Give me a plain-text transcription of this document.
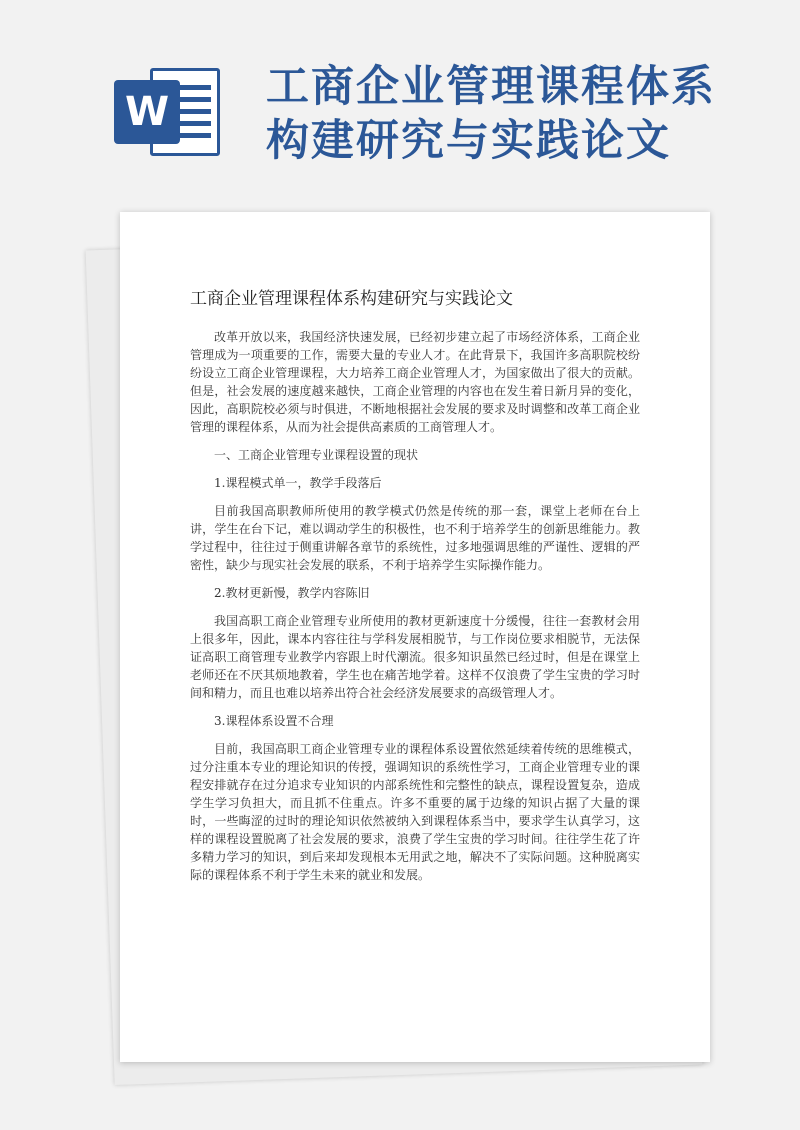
W 工商企业管理课程体系
构建研究与实践论文
工商企业管理课程体系构建研究与实践论文

改革开放以来，我国经济快速发展，已经初步建立起了市场经济体系，工商企业管理成为一项重要的工作，需要大量的专业人才。在此背景下，我国许多高职院校纷纷设立工商企业管理课程，大力培养工商企业管理人才，为国家做出了很大的贡献。但是，社会发展的速度越来越快，工商企业管理的内容也在发生着日新月异的变化，因此，高职院校必须与时俱进，不断地根据社会发展的要求及时调整和改革工商企业管理的课程体系，从而为社会提供高素质的工商管理人才。

一、工商企业管理专业课程设置的现状
1.课程模式单一，教学手段落后

目前我国高职教师所使用的教学模式仍然是传统的那一套，课堂上老师在台上讲，学生在台下记，难以调动学生的积极性，也不利于培养学生的创新思维能力。教学过程中，往往过于侧重讲解各章节的系统性，过多地强调思维的严谨性、逻辑的严密性，缺少与现实社会发展的联系，不利于培养学生实际操作能力。

2.教材更新慢，教学内容陈旧

我国高职工商企业管理专业所使用的教材更新速度十分缓慢，往往一套教材会用上很多年，因此，课本内容往往与学科发展相脱节，与工作岗位要求相脱节，无法保证高职工商管理专业教学内容跟上时代潮流。很多知识虽然已经过时，但是在课堂上老师还在不厌其烦地教着，学生也在痛苦地学着。这样不仅浪费了学生宝贵的学习时间和精力，而且也难以培养出符合社会经济发展要求的高级管理人才。

3.课程体系设置不合理

目前，我国高职工商企业管理专业的课程体系设置依然延续着传统的思维模式，过分注重本专业的理论知识的传授，强调知识的系统性学习，工商企业管理专业的课程安排就存在过分追求专业知识的内部系统性和完整性的缺点，课程设置复杂，造成学生学习负担大，而且抓不住重点。许多不重要的属于边缘的知识占据了大量的课时，一些晦涩的过时的理论知识依然被纳入到课程体系当中，要求学生认真学习，这样的课程设置脱离了社会发展的要求，浪费了学生宝贵的学习时间。往往学生花了许多精力学习的知识，到后来却发现根本无用武之地，解决不了实际问题。这种脱离实际的课程体系不利于学生未来的就业和发展。
